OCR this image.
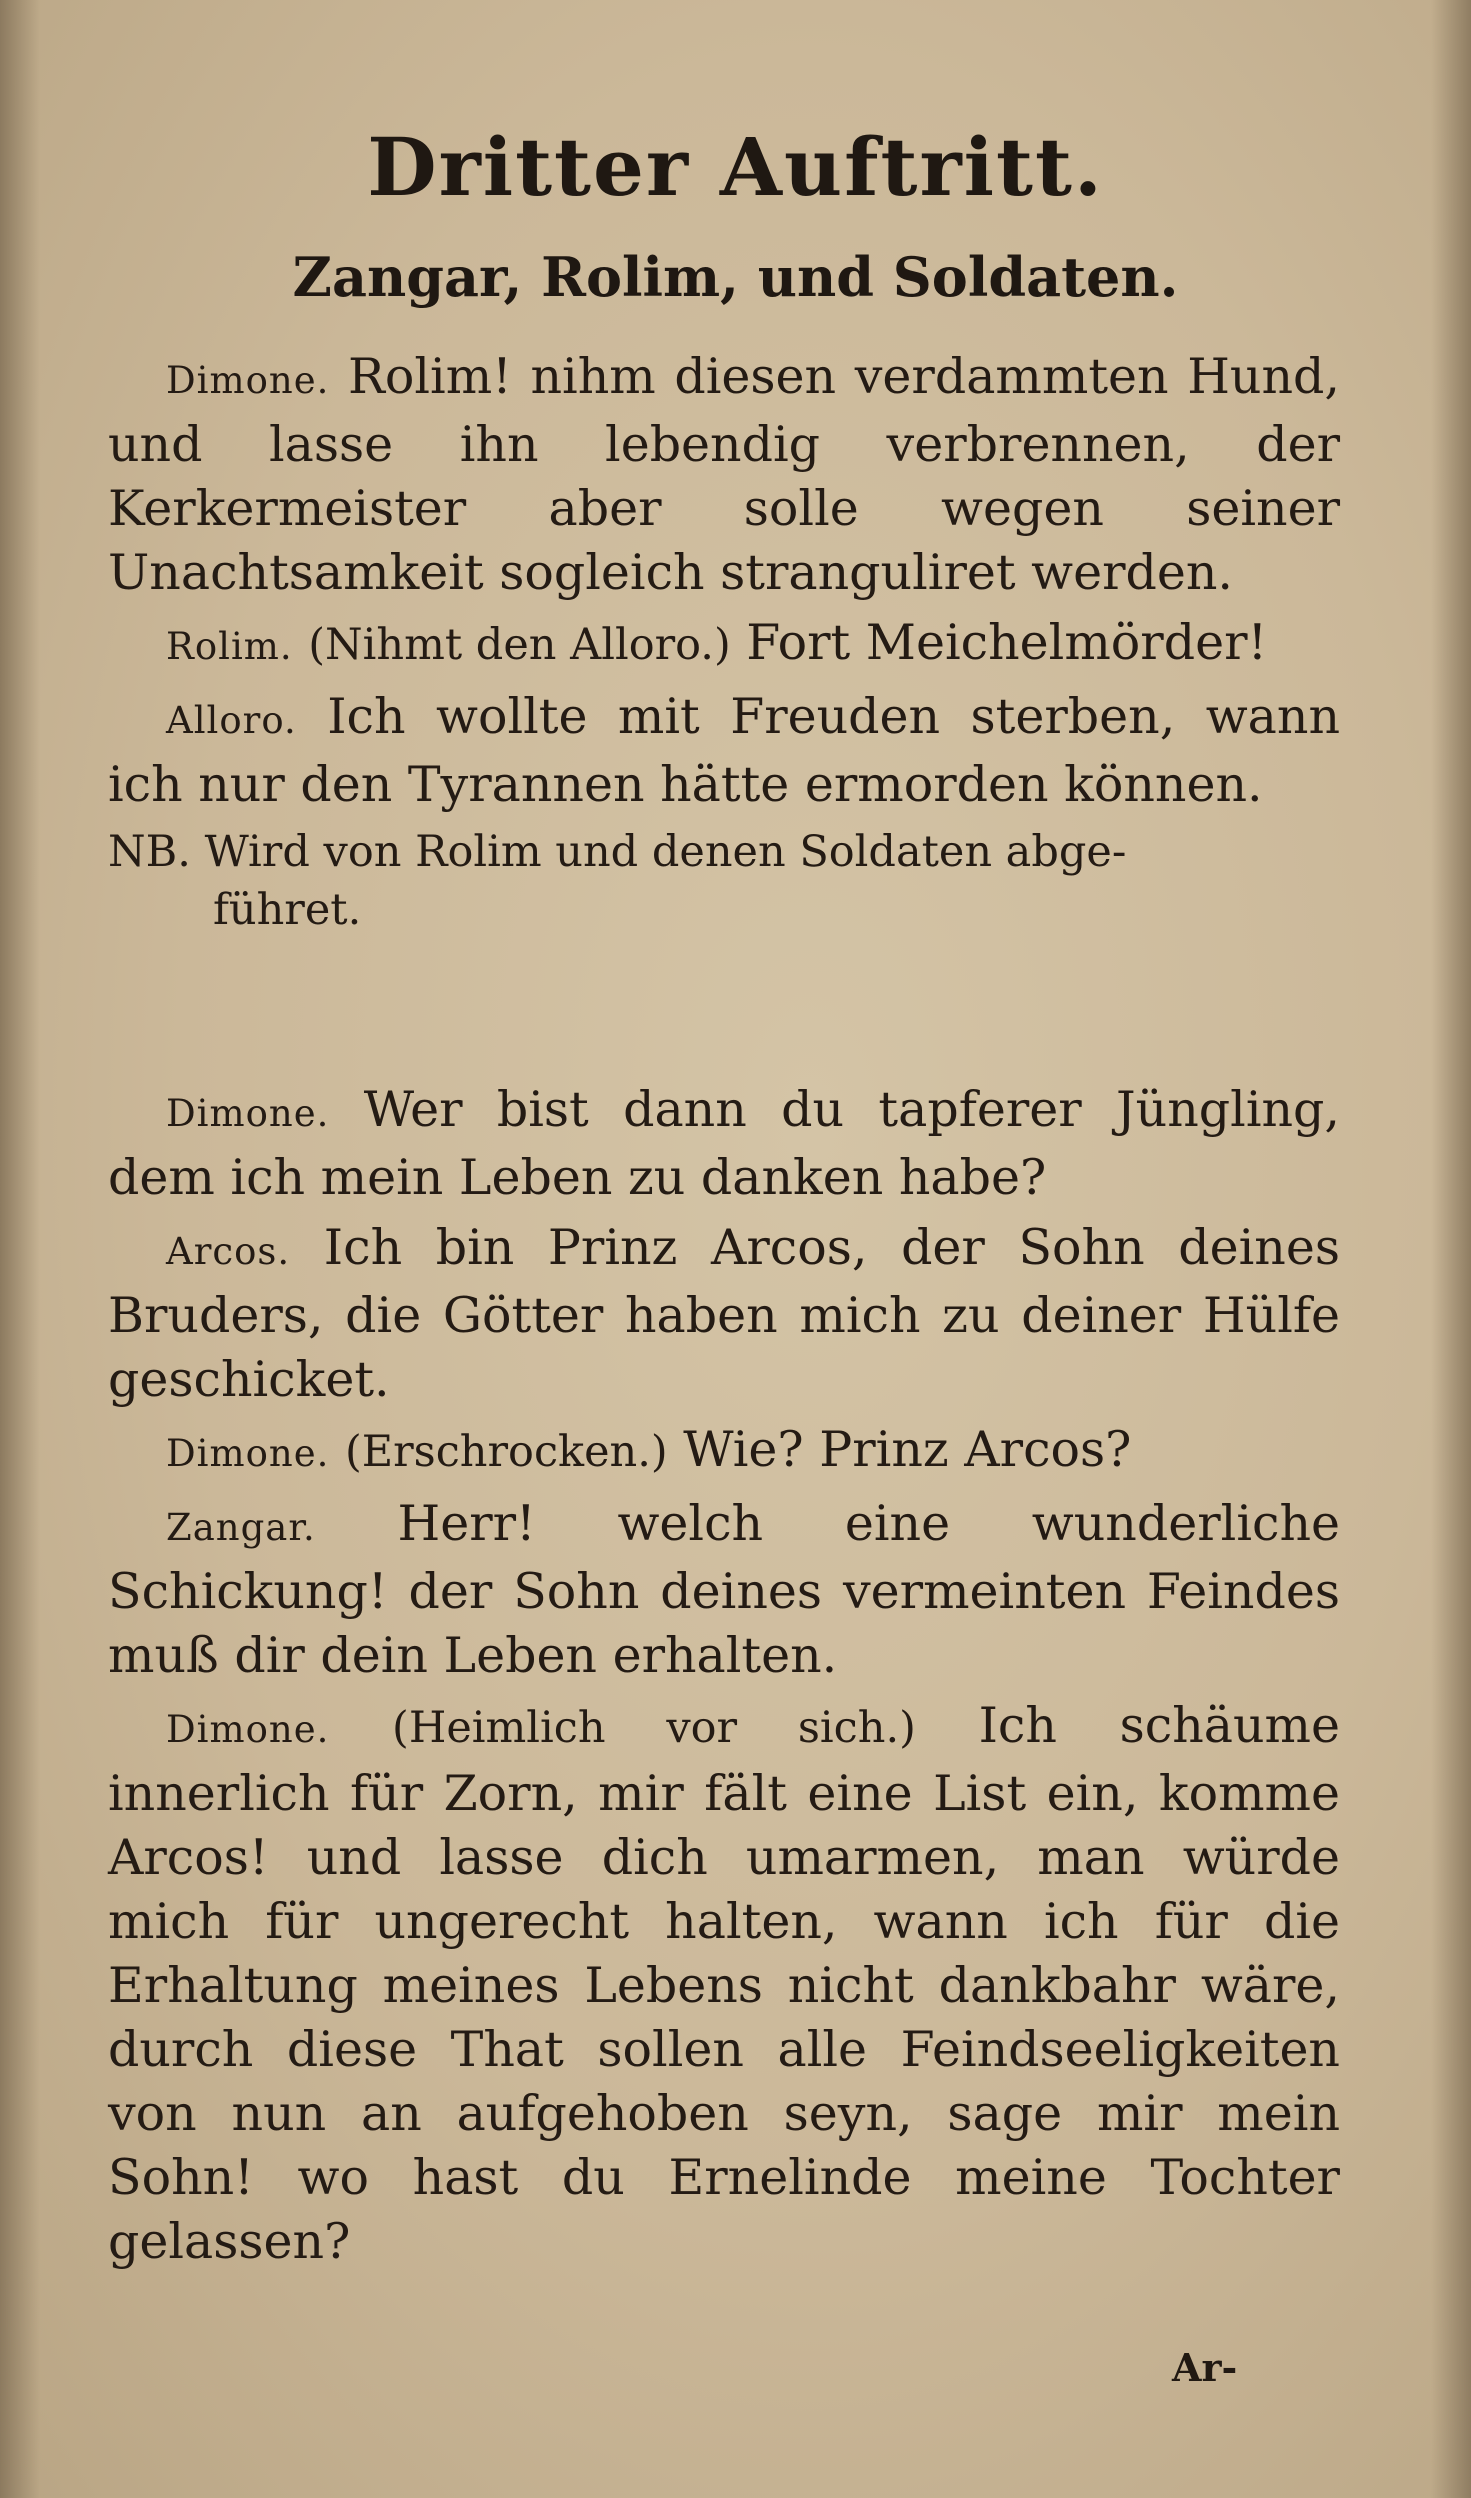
Dritter Auftritt.
Zangar, Rolim, und Soldaten.

Dimone. Rolim! nihm diesen verdammten Hund, und lasse ihn lebendig verbrennen, der Kerkermeister aber solle wegen seiner Unachtsamkeit sogleich stranguliret werden.

Rolim. (Nihmt den Alloro.) Fort Meichelmörder!

Alloro. Ich wollte mit Freuden sterben, wann ich nur den Tyrannen hätte ermorden können.

NB. Wird von Rolim und denen Soldaten abge-
führet.

Dimone. Wer bist dann du tapferer Jüngling, dem ich mein Leben zu danken habe?

Arcos. Ich bin Prinz Arcos, der Sohn deines Bruders, die Götter haben mich zu deiner Hülfe geschicket.

Dimone. (Erschrocken.) Wie? Prinz Arcos?

Zangar. Herr! welch eine wunderliche Schickung! der Sohn deines vermeinten Feindes muß dir dein Leben erhalten.

Dimone. (Heimlich vor sich.) Ich schäume innerlich für Zorn, mir fält eine List ein, komme Arcos! und lasse dich umarmen, man würde mich für ungerecht halten, wann ich für die Erhaltung meines Lebens nicht dankbahr wäre, durch diese That sollen alle Feindseeligkeiten von nun an aufgehoben seyn, sage mir mein Sohn! wo hast du Ernelinde meine Tochter gelassen?

Ar-
